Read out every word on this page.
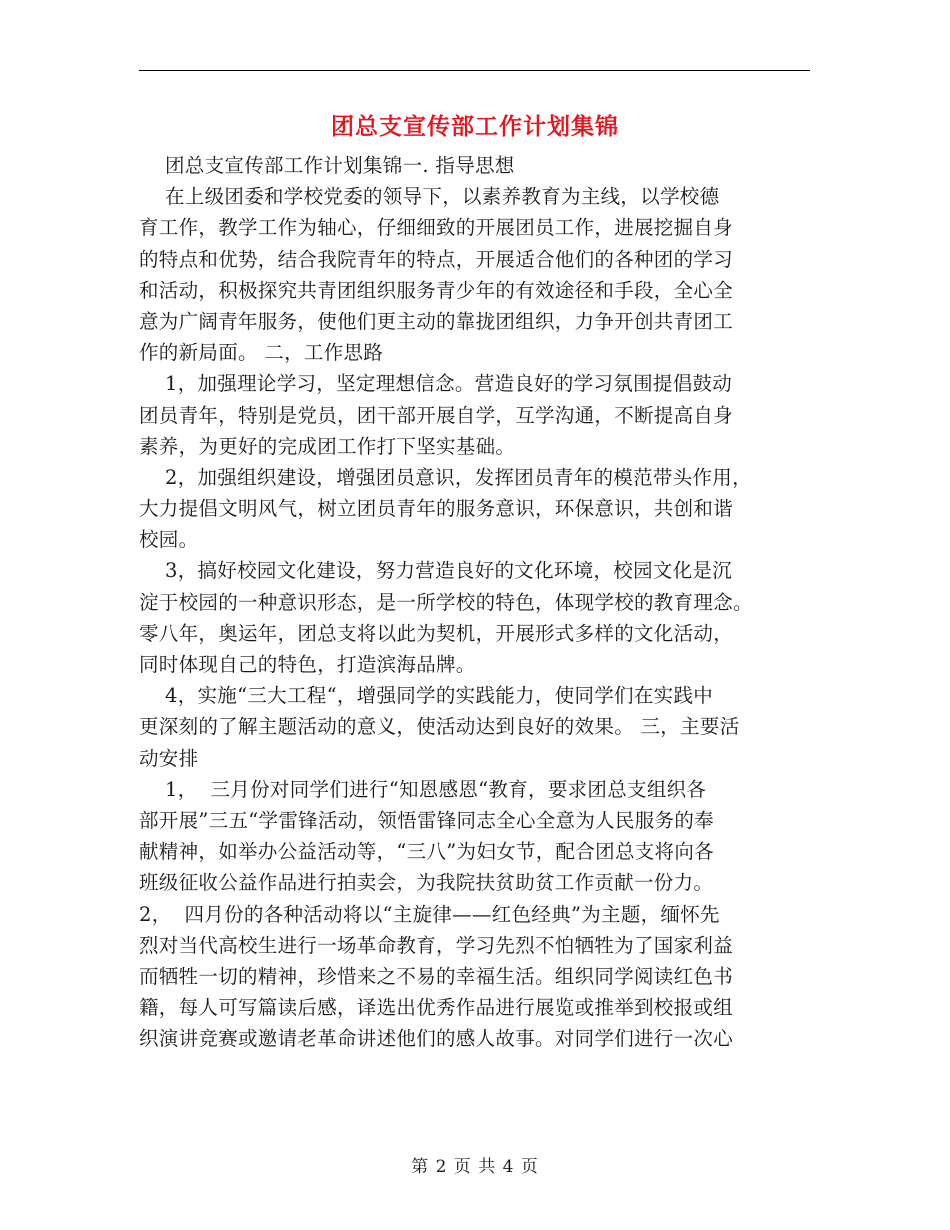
团总支宣传部工作计划集锦
团总支宣传部工作计划集锦一. 指导思想
在上级团委和学校党委的领导下，以素养教育为主线，以学校德
育工作，教学工作为轴心，仔细细致的开展团员工作，进展挖掘自身
的特点和优势，结合我院青年的特点，开展适合他们的各种团的学习
和活动，积极探究共青团组织服务青少年的有效途径和手段，全心全
意为广阔青年服务，使他们更主动的靠拢团组织，力争开创共青团工
作的新局面。 二，工作思路
1，加强理论学习，坚定理想信念。营造良好的学习氛围提倡鼓动
团员青年，特别是党员，团干部开展自学，互学沟通，不断提高自身
素养，为更好的完成团工作打下坚实基础。
2，加强组织建设，增强团员意识，发挥团员青年的模范带头作用，
大力提倡文明风气，树立团员青年的服务意识，环保意识，共创和谐
校园。
3，搞好校园文化建设，努力营造良好的文化环境，校园文化是沉
淀于校园的一种意识形态，是一所学校的特色，体现学校的教育理念。
零八年，奥运年，团总支将以此为契机，开展形式多样的文化活动，
同时体现自己的特色，打造滨海品牌。
4，实施“三大工程“，增强同学的实践能力，使同学们在实践中
更深刻的了解主题活动的意义，使活动达到良好的效果。 三，主要活
动安排
1，  三月份对同学们进行“知恩感恩“教育，要求团总支组织各
部开展”三五“学雷锋活动，领悟雷锋同志全心全意为人民服务的奉
献精神，如举办公益活动等，“三八”为妇女节，配合团总支将向各
班级征收公益作品进行拍卖会，为我院扶贫助贫工作贡献一份力。
2，  四月份的各种活动将以“主旋律——红色经典”为主题，缅怀先
烈对当代高校生进行一场革命教育，学习先烈不怕牺牲为了国家利益
而牺牲一切的精神，珍惜来之不易的幸福生活。组织同学阅读红色书
籍，每人可写篇读后感，译选出优秀作品进行展览或推举到校报或组
织演讲竞赛或邀请老革命讲述他们的感人故事。对同学们进行一次心
第 2 页 共 4 页
